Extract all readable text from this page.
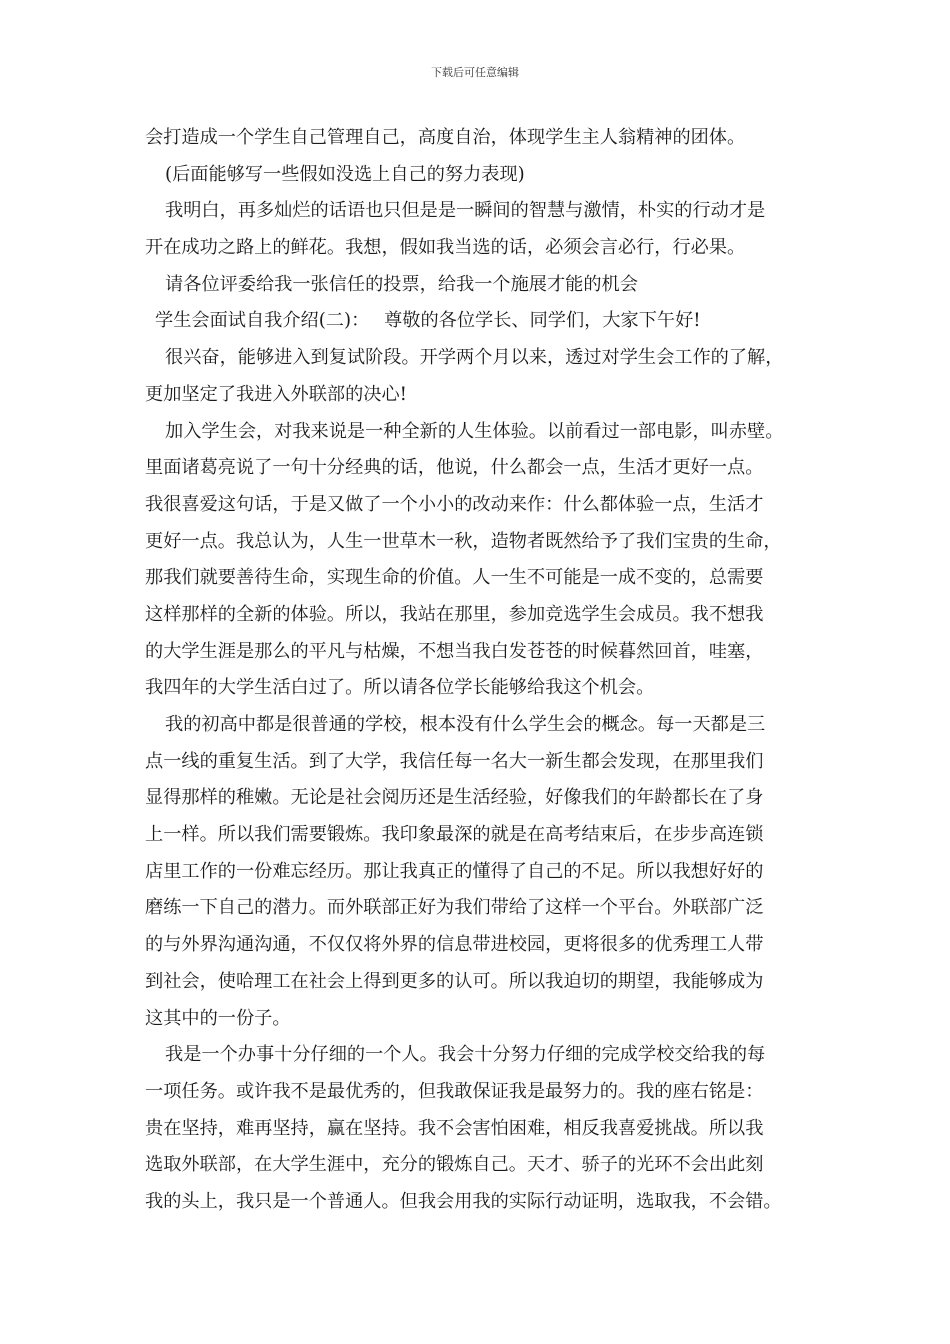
下载后可任意编辑
会打造成一个学生自己管理自己，高度自治，体现学生主人翁精神的团体。
(后面能够写一些假如没选上自己的努力表现)
我明白，再多灿烂的话语也只但是是一瞬间的智慧与激情，朴实的行动才是
开在成功之路上的鲜花。我想，假如我当选的话，必须会言必行，行必果。
请各位评委给我一张信任的投票，给我一个施展才能的机会
学生会面试自我介绍(二)：　 尊敬的各位学长、同学们，大家下午好!
很兴奋，能够进入到复试阶段。开学两个月以来，透过对学生会工作的了解，
更加坚定了我进入外联部的决心!
加入学生会，对我来说是一种全新的人生体验。以前看过一部电影，叫赤壁。
里面诸葛亮说了一句十分经典的话，他说，什么都会一点，生活才更好一点。
我很喜爱这句话，于是又做了一个小小的改动来作：什么都体验一点，生活才
更好一点。我总认为，人生一世草木一秋，造物者既然给予了我们宝贵的生命，
那我们就要善待生命，实现生命的价值。人一生不可能是一成不变的，总需要
这样那样的全新的体验。所以，我站在那里，参加竞选学生会成员。我不想我
的大学生涯是那么的平凡与枯燥，不想当我白发苍苍的时候暮然回首，哇塞，
我四年的大学生活白过了。所以请各位学长能够给我这个机会。
我的初高中都是很普通的学校，根本没有什么学生会的概念。每一天都是三
点一线的重复生活。到了大学，我信任每一名大一新生都会发现，在那里我们
显得那样的稚嫩。无论是社会阅历还是生活经验，好像我们的年龄都长在了身
上一样。所以我们需要锻炼。我印象最深的就是在高考结束后，在步步高连锁
店里工作的一份难忘经历。那让我真正的懂得了自己的不足。所以我想好好的
磨练一下自己的潜力。而外联部正好为我们带给了这样一个平台。外联部广泛
的与外界沟通沟通，不仅仅将外界的信息带进校园，更将很多的优秀理工人带
到社会，使哈理工在社会上得到更多的认可。所以我迫切的期望，我能够成为
这其中的一份子。
我是一个办事十分仔细的一个人。我会十分努力仔细的完成学校交给我的每
一项任务。或许我不是最优秀的，但我敢保证我是最努力的。我的座右铭是：
贵在坚持，难再坚持，赢在坚持。我不会害怕困难，相反我喜爱挑战。所以我
选取外联部，在大学生涯中，充分的锻炼自己。天才、骄子的光环不会出此刻
我的头上，我只是一个普通人。但我会用我的实际行动证明，选取我，不会错。
